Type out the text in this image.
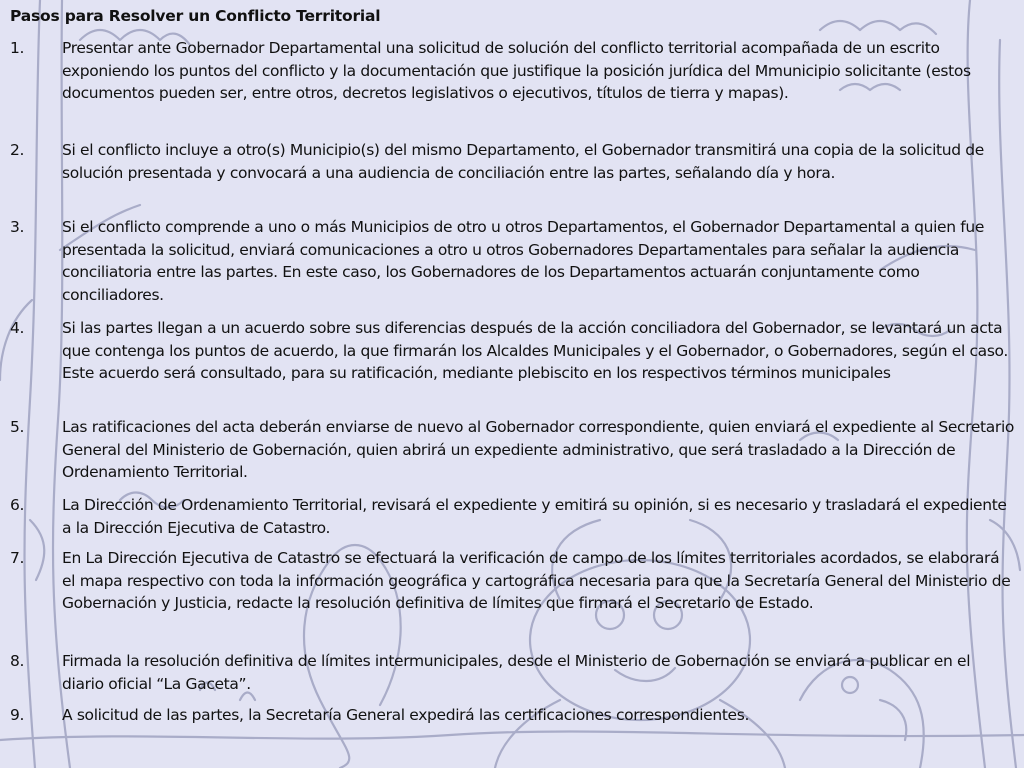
Pasos para Resolver un Conflicto Territorial
1. Presentar ante Gobernador Departamental una solicitud de solución del conflicto territorial acompañada de un escrito exponiendo los puntos del conflicto y la documentación que justifique la posición jurídica del Mmunicipio solicitante (estos documentos pueden ser, entre otros, decretos legislativos o ejecutivos, títulos de tierra y mapas).
2. Si el conflicto incluye a otro(s) Municipio(s) del mismo Departamento, el Gobernador transmitirá una copia de la solicitud de solución presentada y convocará a una audiencia de conciliación entre las partes, señalando día y hora.
3. Si el conflicto comprende a uno o más Municipios de otro u otros Departamentos, el Gobernador Departamental a quien fue presentada la solicitud, enviará comunicaciones a otro u otros Gobernadores Departamentales para señalar la audiencia conciliatoria entre las partes. En este caso, los Gobernadores de los Departamentos actuarán conjuntamente como conciliadores.
4. Si las partes llegan a un acuerdo sobre sus diferencias después de la acción conciliadora del Gobernador, se levantará un acta que contenga los puntos de acuerdo, la que firmarán los Alcaldes Municipales y el Gobernador, o Gobernadores, según el caso. Este acuerdo será consultado, para su ratificación, mediante plebiscito en los respectivos términos municipales
5. Las ratificaciones del acta deberán enviarse de nuevo al Gobernador correspondiente, quien enviará el expediente al Secretario General del Ministerio de Gobernación, quien abrirá un expediente administrativo, que será trasladado a la Dirección de Ordenamiento Territorial.
6. La Dirección de Ordenamiento Territorial, revisará el expediente y emitirá su opinión, si es necesario y trasladará el expediente a la Dirección Ejecutiva de Catastro.
7. En La Dirección Ejecutiva de Catastro se efectuará la verificación de campo de los límites territoriales acordados, se elaborará el mapa respectivo con toda la información geográfica y cartográfica necesaria para que la Secretaría General del Ministerio de Gobernación y Justicia, redacte la resolución definitiva de límites que firmará el Secretario de Estado.
8. Firmada la resolución definitiva de límites intermunicipales, desde el Ministerio de Gobernación se enviará a publicar en el diario oficial “La Gaceta”.
9. A solicitud de las partes, la Secretaría General expedirá las certificaciones correspondientes.
